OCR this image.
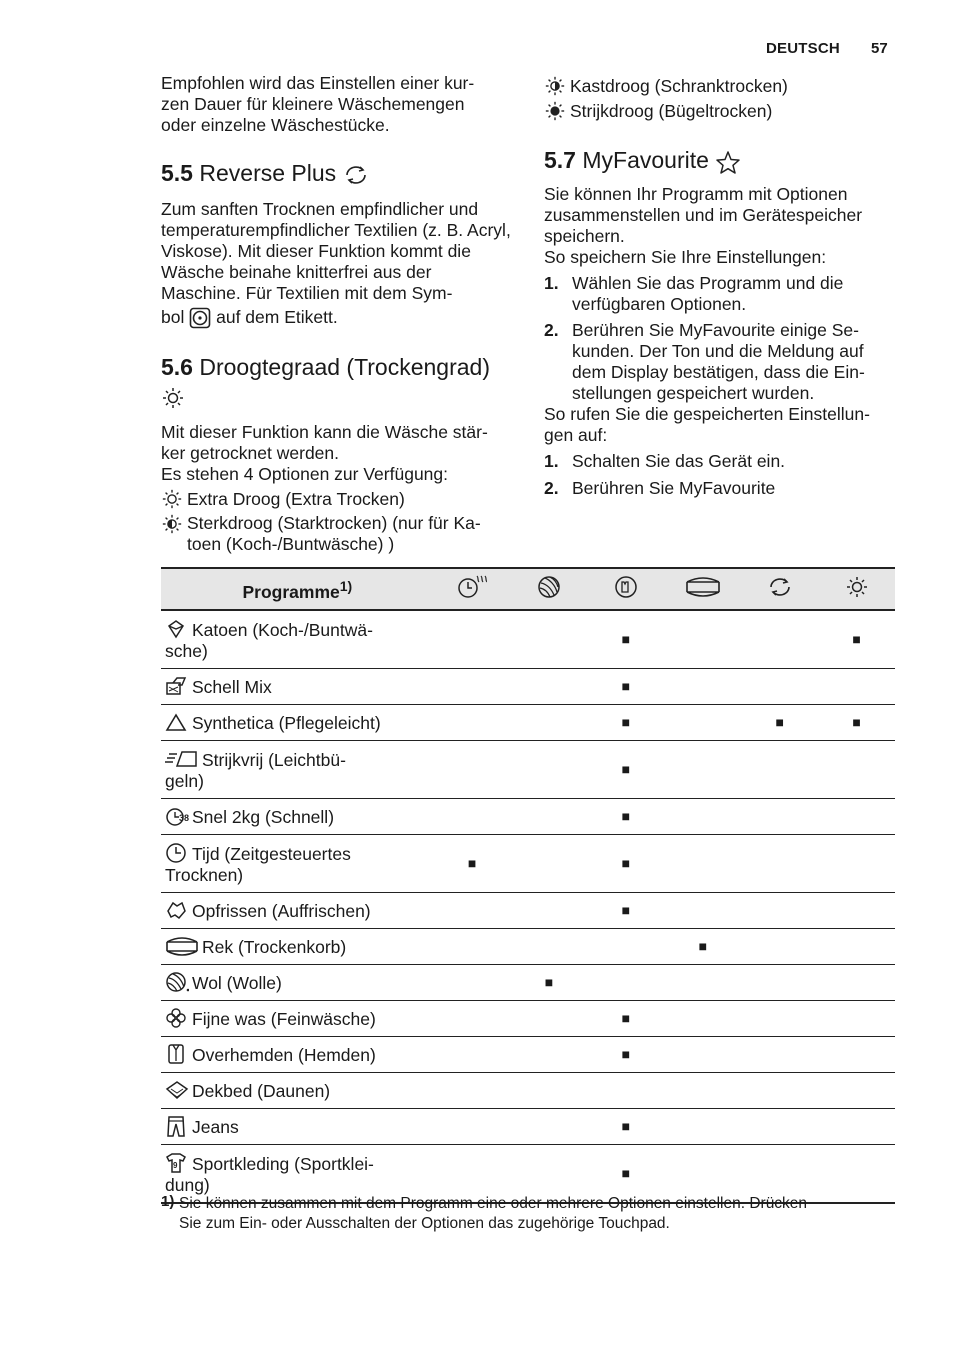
DEUTSCH 57

Empfohlen wird das Einstellen einer kur-
zen Dauer für kleinere Wäschemengen
oder einzelne Wäschestücke.

5.5 Reverse Plus

Zum sanften Trocknen empfindlicher und temperaturempfindlicher Textilien (z. B. Acryl, Viskose). Mit dieser Funktion kommt die Wäsche beinahe knitterfrei aus der Maschine. Für Textilien mit dem Sym-

bol auf dem Etikett.

5.6 Droogtegraad (Trockengrad)

Mit dieser Funktion kann die Wäsche stär-
ker getrocknet werden.
Es stehen 4 Optionen zur Verfügung:

Extra Droog (Extra Trocken)
Sterkdroog (Starktrocken) (nur für Ka-
toen (Koch-/Buntwäsche) )
Kastdroog (Schranktrocken)
Strijkdroog (Bügeltrocken)
5.7 MyFavourite

Sie können Ihr Programm mit Optionen zusammenstellen und im Gerätespeicher speichern.

So speichern Sie Ihre Einstellungen:

1. Wählen Sie das Programm und die verfügbaren Optionen.
2. Berühren Sie MyFavourite einige Se-
kunden. Der Ton und die Meldung auf dem Display bestätigen, dass die Ein-
stellungen gespeichert wurden.

So rufen Sie die gespeicherten Einstellun-
gen auf:

1. Schalten Sie das Gerät ein.
2. Berühren Sie MyFavourite
Programme$^{1)}$						
Katoen (Koch-/Buntwä-
sche)			■			■
Schell Mix			■			
Synthetica (Pflegeleicht)			■		■	■
Strijkvrij (Leichtbü-
geln)			■			

38 Snel 2kg (Schnell)			■			
Tijd (Zeitgesteuertes
Trocknen)	■		■			
Opfrissen (Auffrischen)			■			
Rek (Trockenkorb)				■		
Wol (Wolle)		■				
Fijne was (Feinwäsche)			■			
Overhemden (Hemden)			■			
Dekbed (Daunen)						
Jeans			■			

9 Sportkleding (Sportklei-
dung)			■			
$^{1)}$ Sie können zusammen mit dem Programm eine oder mehrere Optionen einstellen. Drücken
Sie zum Ein- oder Ausschalten der Optionen das zugehörige Touchpad.
